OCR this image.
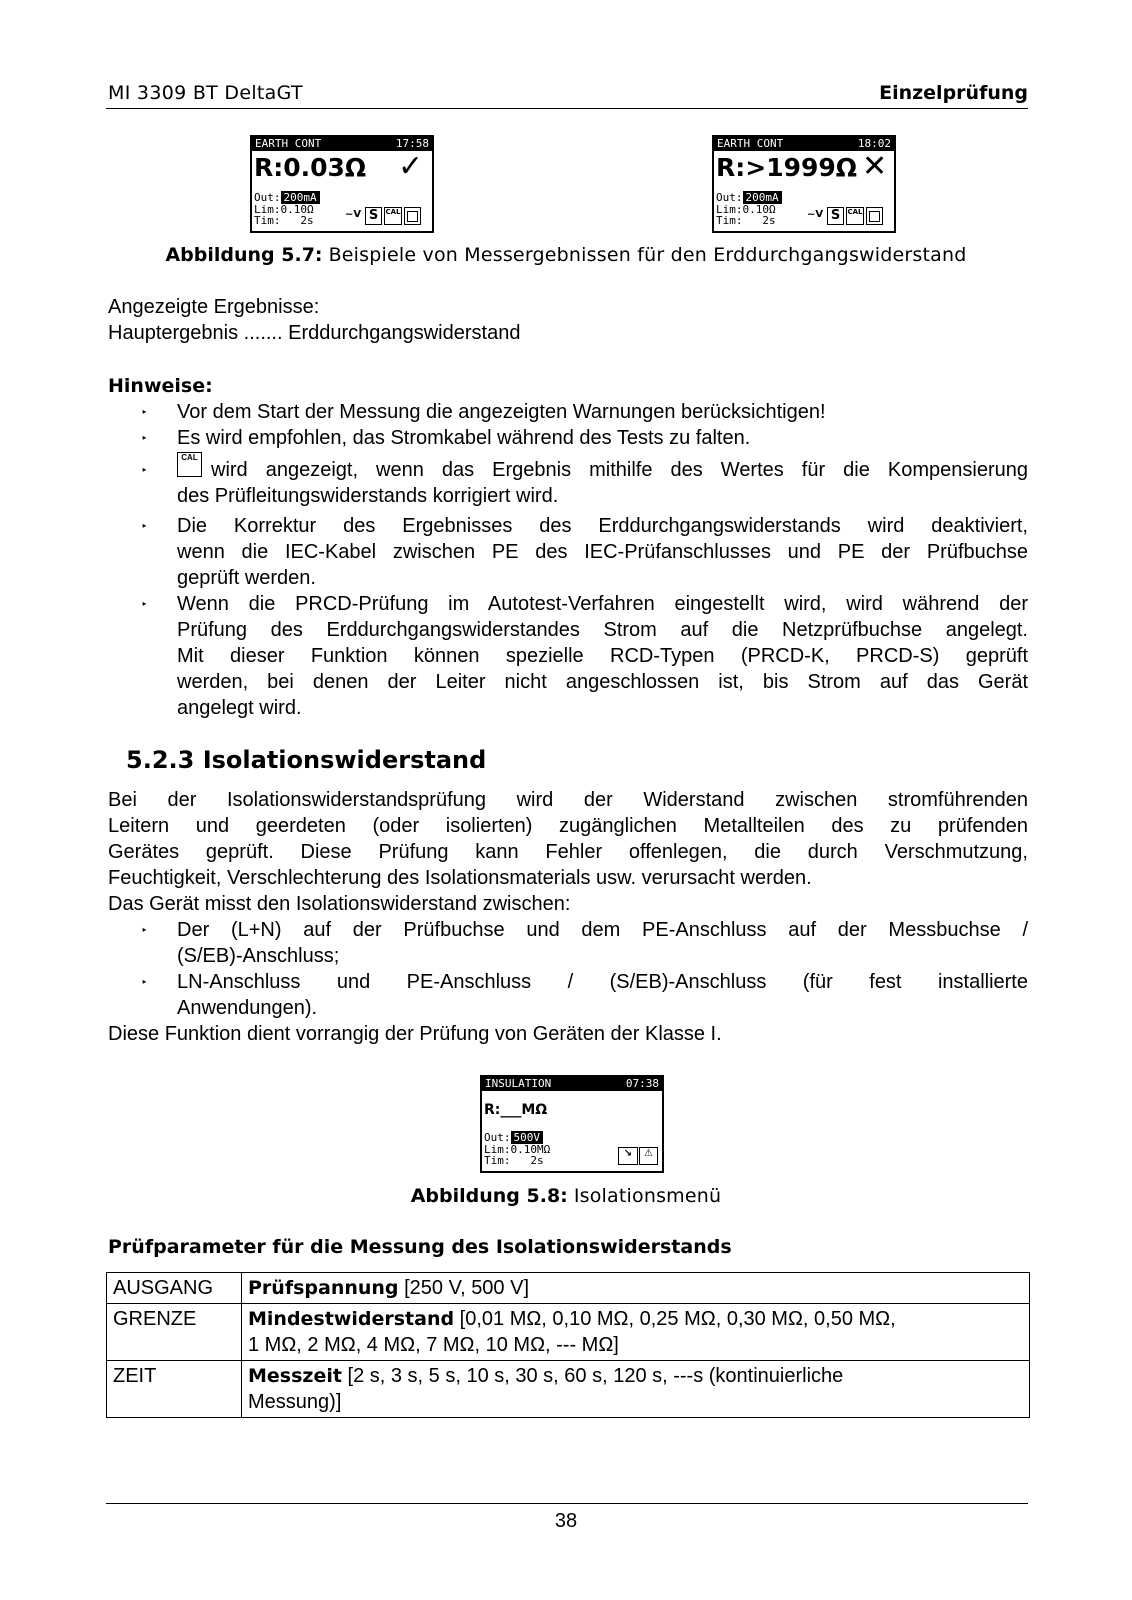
MI 3309 BT DeltaGT	Einzelprüfung
EARTH CONT	17:58
R:0.03Ω ✓
Out: 200mA
Lim:0.10Ω
Tim:   2s	~V S	CAL
EARTH CONT	18:02
R:>1999Ω ✕
Out: 200mA
Lim:0.10Ω
Tim:   2s	~V S	CAL
Abbildung 5.7: Beispiele von Messergebnissen für den Erddurchgangswiderstand
Angezeigte Ergebnisse:
Hauptergebnis ....... Erddurchgangswiderstand
Hinweise:
‣ Vor dem Start der Messung die angezeigten Warnungen berücksichtigen!
‣ Es wird empfohlen, das Stromkabel während des Tests zu falten.
‣
CAL
wird angezeigt, wenn das Ergebnis mithilfe des Wertes für die Kompensierung
des Prüfleitungswiderstands korrigiert wird.
‣ Die Korrektur des Ergebnisses des Erddurchgangswiderstands wird deaktiviert,
wenn die IEC-Kabel zwischen PE des IEC-Prüfanschlusses und PE der Prüfbuchse
geprüft werden.
‣ Wenn die PRCD-Prüfung im Autotest-Verfahren eingestellt wird, wird während der
Prüfung des Erddurchgangswiderstandes Strom auf die Netzprüfbuchse angelegt.
Mit dieser Funktion können spezielle RCD-Typen (PRCD-K, PRCD-S) geprüft
werden, bei denen der Leiter nicht angeschlossen ist, bis Strom auf das Gerät
angelegt wird.
5.2.3 Isolationswiderstand
Bei der Isolationswiderstandsprüfung wird der Widerstand zwischen stromführenden
Leitern und geerdeten (oder isolierten) zugänglichen Metallteilen des zu prüfenden
Gerätes geprüft. Diese Prüfung kann Fehler offenlegen, die durch Verschmutzung,
Feuchtigkeit, Verschlechterung des Isolationsmaterials usw. verursacht werden.
Das Gerät misst den Isolationswiderstand zwischen:
‣ Der (L+N) auf der Prüfbuchse und dem PE-Anschluss auf der Messbuchse /
(S/EB)-Anschluss;
‣ LN-Anschluss und PE-Anschluss / (S/EB)-Anschluss (für fest installierte
Anwendungen).
Diese Funktion dient vorrangig der Prüfung von Geräten der Klasse I.
INSULATION	07:38
R:___MΩ
Out: 500V
Lim:0.10MΩ
Tim:   2s
↘	⚠
Abbildung 5.8: Isolationsmenü
Prüfparameter für die Messung des Isolationswiderstands
AUSGANG	Prüfspannung [250 V, 500 V]
GRENZE	Mindestwiderstand [0,01 MΩ, 0,10 MΩ, 0,25 MΩ, 0,30 MΩ, 0,50 MΩ,
1 MΩ, 2 MΩ, 4 MΩ, 7 MΩ, 10 MΩ, --- MΩ]
ZEIT	Messzeit [2 s, 3 s, 5 s, 10 s, 30 s, 60 s, 120 s, ---s (kontinuierliche
Messung)]
38
